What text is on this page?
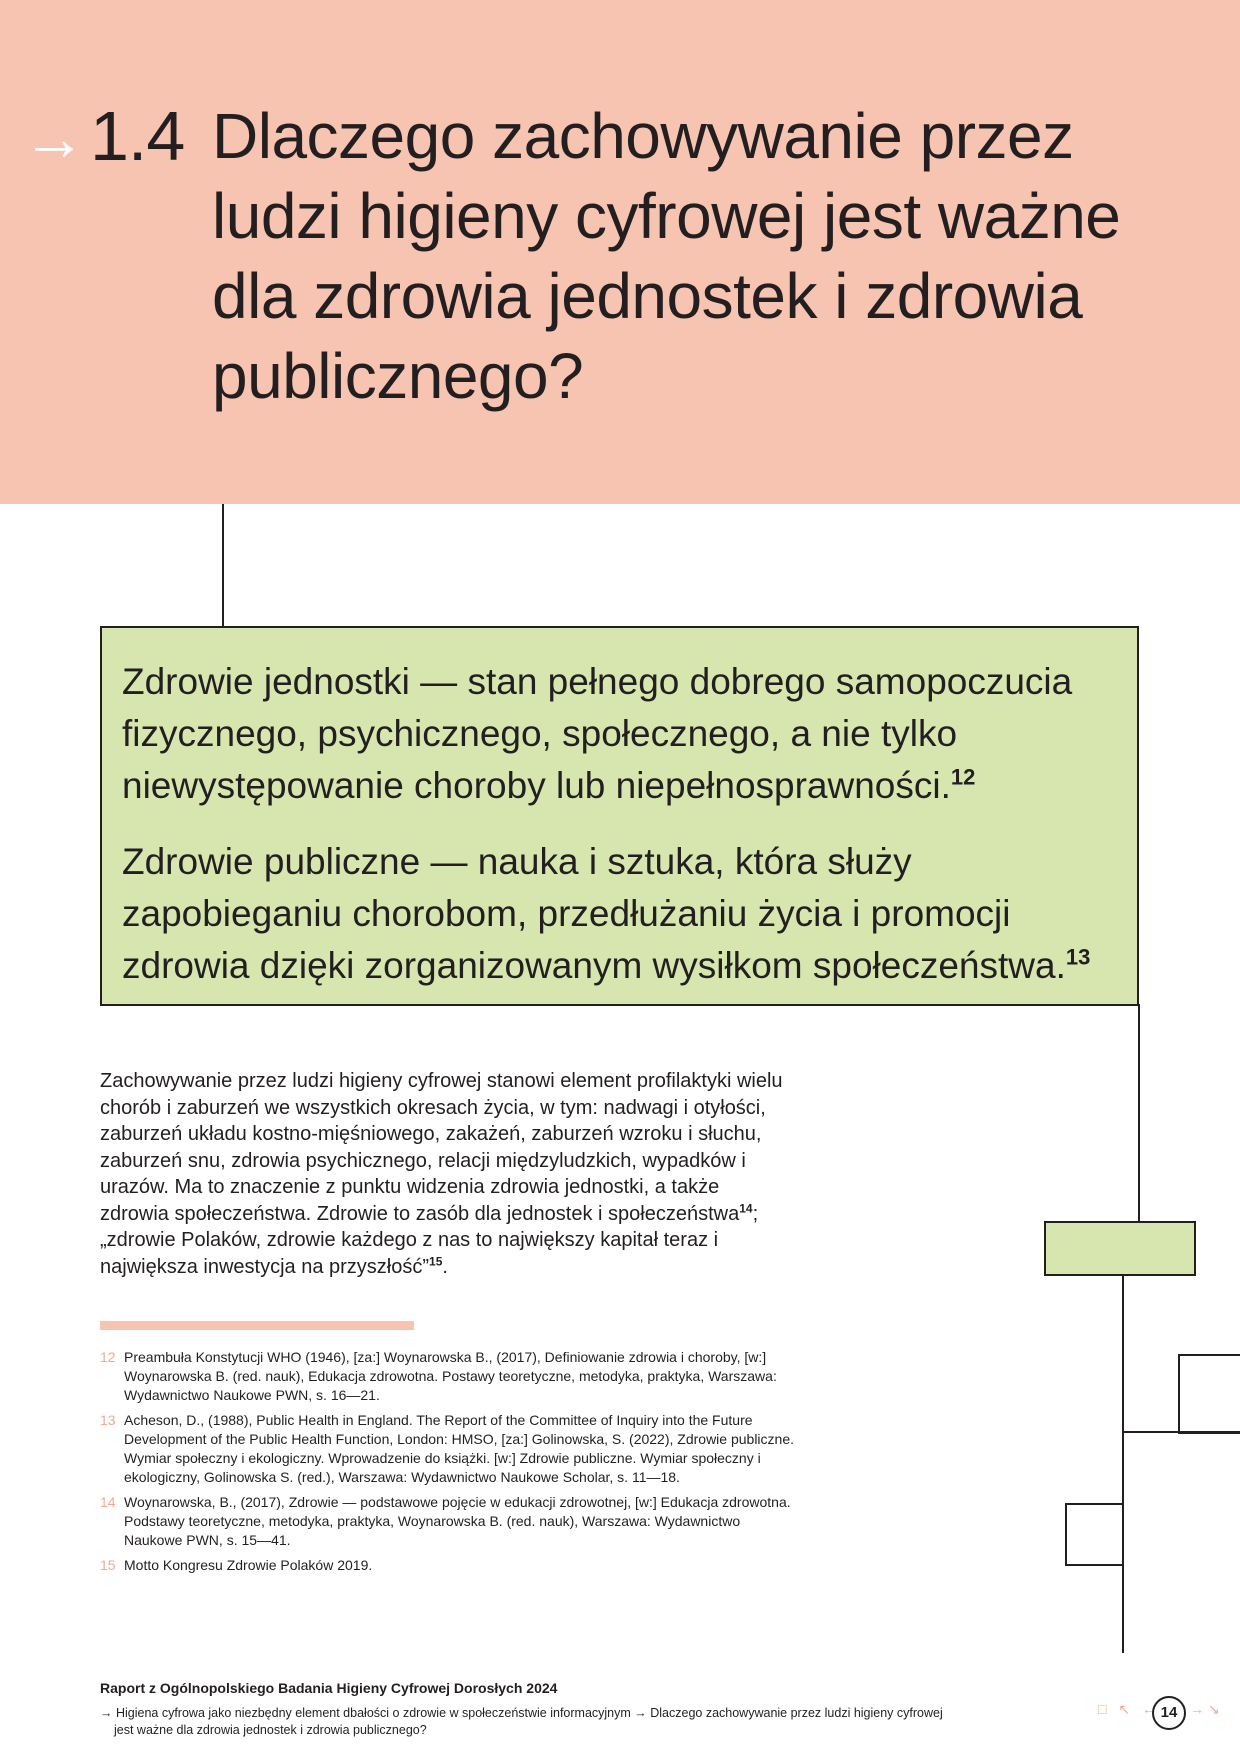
→ 1.4 Dlaczego zachowywanie przez ludzi higieny cyfrowej jest ważne dla zdrowia jednostek i zdrowia publicznego?

Zdrowie jednostki — stan pełnego dobrego samopoczucia fizycznego, psychicznego, społecznego, a nie tylko niewystępowanie choroby lub niepełnosprawności.$^{12}$

Zdrowie publiczne — nauka i sztuka, która służy zapobieganiu chorobom, przedłużaniu życia i promocji zdrowia dzięki zorganizowanym wysiłkom społeczeństwa.$^{13}$

Zachowywanie przez ludzi higieny cyfrowej stanowi element profilaktyki wielu chorób i zaburzeń we wszystkich okresach życia, w tym: nadwagi i otyłości, zaburzeń układu kostno-mięśniowego, zakażeń, zaburzeń wzroku i słuchu, zaburzeń snu, zdrowia psychicznego, relacji międzyludzkich, wypadków i urazów. Ma to znaczenie z punktu widzenia zdrowia jednostki, a także zdrowia społeczeństwa. Zdrowie to zasób dla jednostek i społeczeństwa$^{14}$; „zdrowie Polaków, zdrowie każdego z nas to największy kapitał teraz i największa inwestycja na przyszłość”$^{15}$.

12 Preambuła Konstytucji WHO (1946), [za:] Woynarowska B., (2017), Definiowanie zdrowia i choroby, [w:] Woynarowska B. (red. nauk), Edukacja zdrowotna. Postawy teoretyczne, metodyka, praktyka, Warszawa: Wydawnictwo Naukowe PWN, s. 16—21.
13 Acheson, D., (1988), Public Health in England. The Report of the Committee of Inquiry into the Future Development of the Public Health Function, London: HMSO, [za:] Golinowska, S. (2022), Zdrowie publiczne. Wymiar społeczny i ekologiczny. Wprowadzenie do książki. [w:] Zdrowie publiczne. Wymiar społeczny i ekologiczny, Golinowska S. (red.), Warszawa: Wydawnictwo Naukowe Scholar, s. 11—18.
14 Woynarowska, B., (2017), Zdrowie — podstawowe pojęcie w edukacji zdrowotnej, [w:] Edukacja zdrowotna. Podstawy teoretyczne, metodyka, praktyka, Woynarowska B. (red. nauk), Warszawa: Wydawnictwo Naukowe PWN, s. 15—41.
15 Motto Kongresu Zdrowie Polaków 2019.
Raport z Ogólnopolskiego Badania Higieny Cyfrowej Dorosłych 2024
→ Higiena cyfrowa jako niezbędny element dbałości o zdrowie w społeczeństwie informacyjnym → Dlaczego zachowywanie przez ludzi higieny cyfrowej
jest ważne dla zdrowia jednostek i zdrowia publicznego?
□ ↖ ← 14 → ↘
